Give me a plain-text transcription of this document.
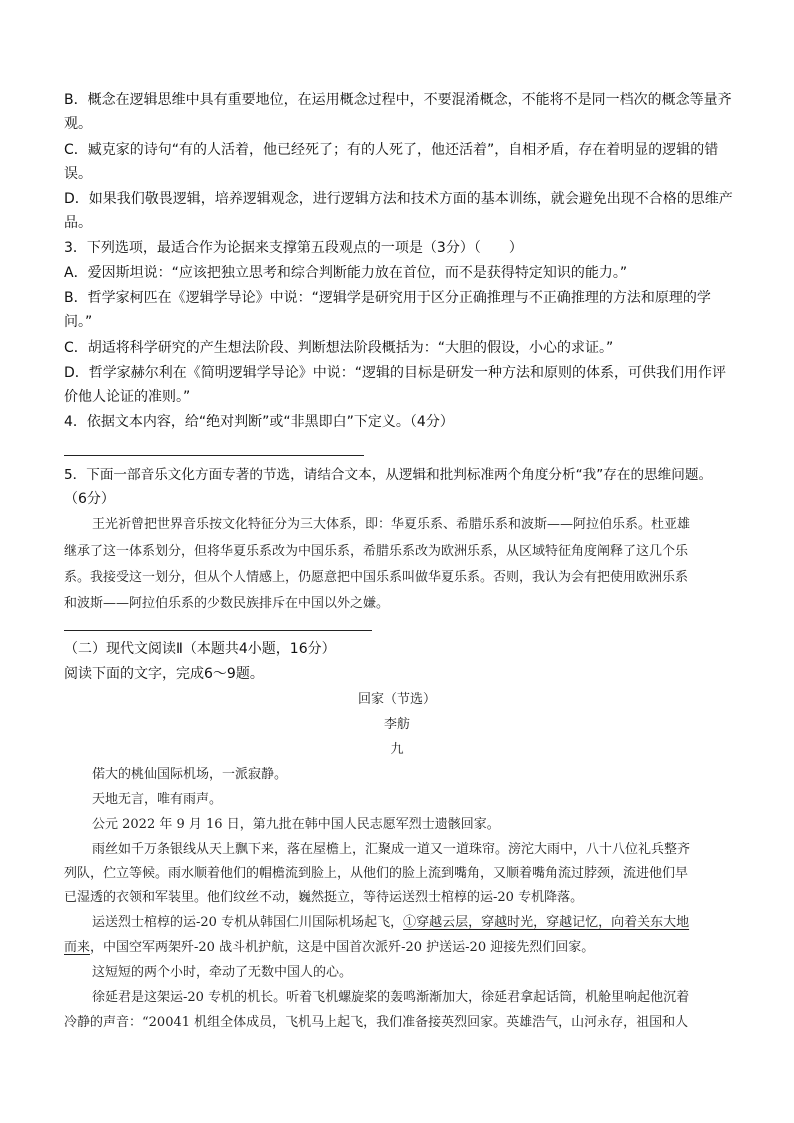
B．概念在逻辑思维中具有重要地位，在运用概念过程中，不要混淆概念，不能将不是同一档次的概念等量齐
观。
C．臧克家的诗句“有的人活着，他已经死了；有的人死了，他还活着”，自相矛盾，存在着明显的逻辑的错
误。
D．如果我们敬畏逻辑，培养逻辑观念，进行逻辑方法和技术方面的基本训练，就会避免出现不合格的思维产
品。
3．下列选项，最适合作为论据来支撑第五段观点的一项是（3分）（　　）
A．爱因斯坦说：“应该把独立思考和综合判断能力放在首位，而不是获得特定知识的能力。”
B．哲学家柯匹在《逻辑学导论》中说：“逻辑学是研究用于区分正确推理与不正确推理的方法和原理的学
问。”
C．胡适将科学研究的产生想法阶段、判断想法阶段概括为：“大胆的假设，小心的求证。”
D．哲学家赫尔利在《简明逻辑学导论》中说：“逻辑的目标是研发一种方法和原则的体系，可供我们用作评
价他人论证的准则。”
4．依据文本内容，给“绝对判断”或“非黑即白”下定义。（4分）
5．下面一部音乐文化方面专著的节选，请结合文本，从逻辑和批判标准两个角度分析“我”存在的思维问题。
（6分）
王光祈曾把世界音乐按文化特征分为三大体系，即：华夏乐系、希腊乐系和波斯——阿拉伯乐系。杜亚雄
继承了这一体系划分，但将华夏乐系改为中国乐系，希腊乐系改为欧洲乐系，从区域特征角度阐释了这几个乐
系。我接受这一划分，但从个人情感上，仍愿意把中国乐系叫做华夏乐系。否则，我认为会有把使用欧洲乐系
和波斯——阿拉伯乐系的少数民族排斥在中国以外之嫌。
（二）现代文阅读Ⅱ（本题共4小题，16分）
阅读下面的文字，完成6～9题。
回家（节选）
李舫
九
偌大的桃仙国际机场，一派寂静。
天地无言，唯有雨声。
公元 2022 年 9 月 16 日，第九批在韩中国人民志愿军烈士遗骸回家。
雨丝如千万条银线从天上飘下来，落在屋檐上，汇聚成一道又一道珠帘。滂沱大雨中，八十八位礼兵整齐
列队，伫立等候。雨水顺着他们的帽檐流到脸上，从他们的脸上流到嘴角，又顺着嘴角流过脖颈，流进他们早
已湿透的衣领和军装里。他们纹丝不动，巍然挺立，等待运送烈士棺椁的运-20 专机降落。
运送烈士棺椁的运-20 专机从韩国仁川国际机场起飞，①穿越云层，穿越时光，穿越记忆，向着关东大地
而来，中国空军两架歼-20 战斗机护航，这是中国首次派歼-20 护送运-20 迎接先烈们回家。
这短短的两个小时，牵动了无数中国人的心。
徐延君是这架运-20 专机的机长。听着飞机螺旋桨的轰鸣渐渐加大，徐延君拿起话筒，机舱里响起他沉着
冷静的声音：“20041 机组全体成员，飞机马上起飞，我们准备接英烈回家。英雄浩气，山河永存，祖国和人
